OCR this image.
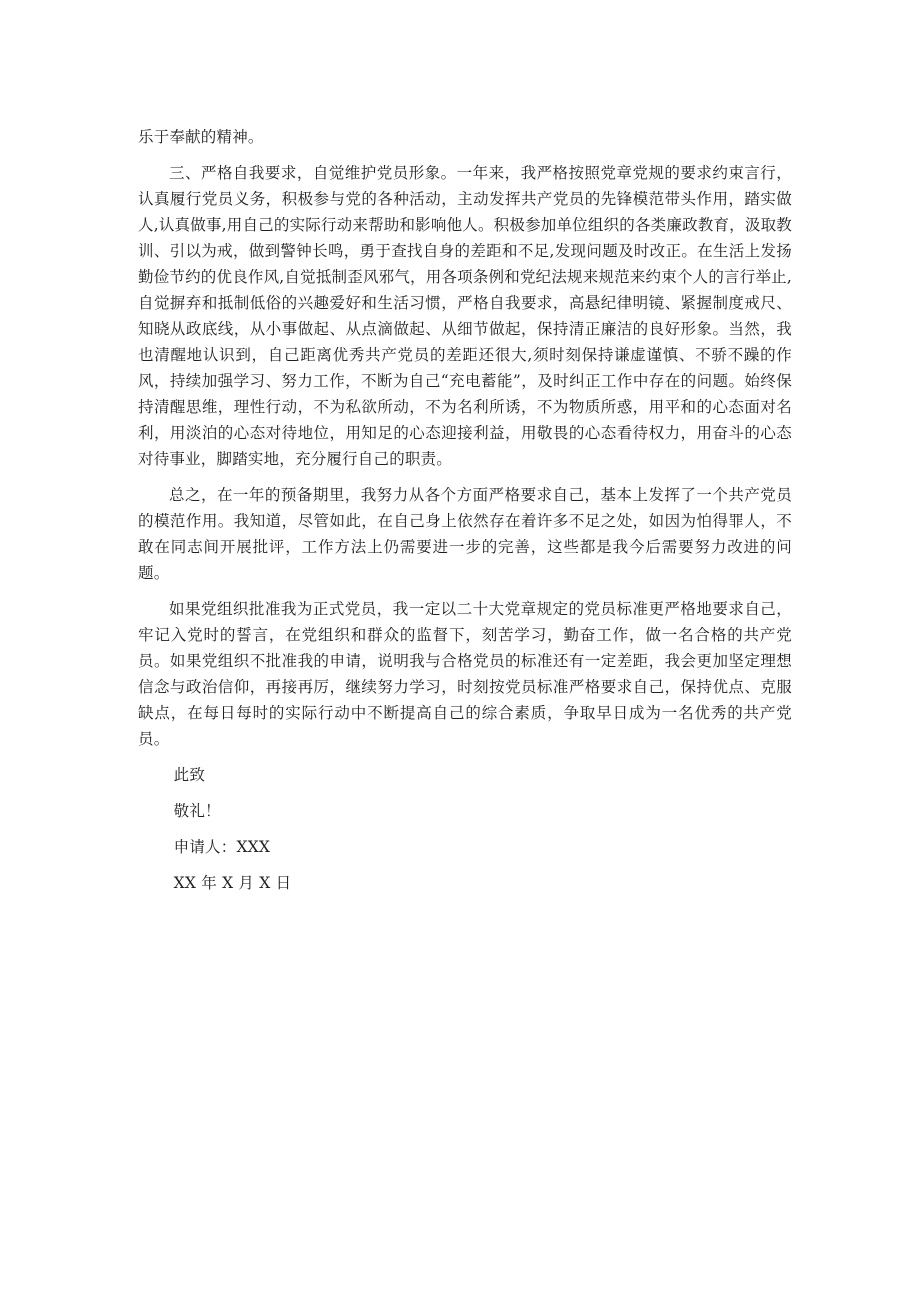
乐于奉献的精神。

三、严格自我要求，自觉维护党员形象。一年来，我严格按照党章党规的要求约束言行，认真履行党员义务，积极参与党的各种活动，主动发挥共产党员的先锋模范带头作用，踏实做人,认真做事,用自己的实际行动来帮助和影响他人。积极参加单位组织的各类廉政教育，汲取教训、引以为戒，做到警钟长鸣，勇于查找自身的差距和不足,发现问题及时改正。在生活上发扬勤俭节约的优良作风,自觉抵制歪风邪气，用各项条例和党纪法规来规范来约束个人的言行举止,自觉摒弃和抵制低俗的兴趣爱好和生活习惯，严格自我要求，高悬纪律明镜、紧握制度戒尺、知晓从政底线，从小事做起、从点滴做起、从细节做起，保持清正廉洁的良好形象。当然，我也清醒地认识到，自己距离优秀共产党员的差距还很大,须时刻保持谦虚谨慎、不骄不躁的作风，持续加强学习、努力工作，不断为自己“充电蓄能”，及时纠正工作中存在的问题。始终保持清醒思维，理性行动，不为私欲所动，不为名利所诱，不为物质所惑，用平和的心态面对名利，用淡泊的心态对待地位，用知足的心态迎接利益，用敬畏的心态看待权力，用奋斗的心态对待事业，脚踏实地，充分履行自己的职责。

总之，在一年的预备期里，我努力从各个方面严格要求自己，基本上发挥了一个共产党员的模范作用。我知道，尽管如此，在自己身上依然存在着许多不足之处，如因为怕得罪人，不敢在同志间开展批评，工作方法上仍需要进一步的完善，这些都是我今后需要努力改进的问题。

如果党组织批准我为正式党员，我一定以二十大党章规定的党员标准更严格地要求自己，牢记入党时的誓言，在党组织和群众的监督下，刻苦学习，勤奋工作，做一名合格的共产党员。如果党组织不批准我的申请，说明我与合格党员的标准还有一定差距，我会更加坚定理想信念与政治信仰，再接再厉，继续努力学习，时刻按党员标准严格要求自己，保持优点、克服缺点，在每日每时的实际行动中不断提高自己的综合素质，争取早日成为一名优秀的共产党员。

此致

敬礼！

申请人：XXX

XX 年 X 月 X 日
